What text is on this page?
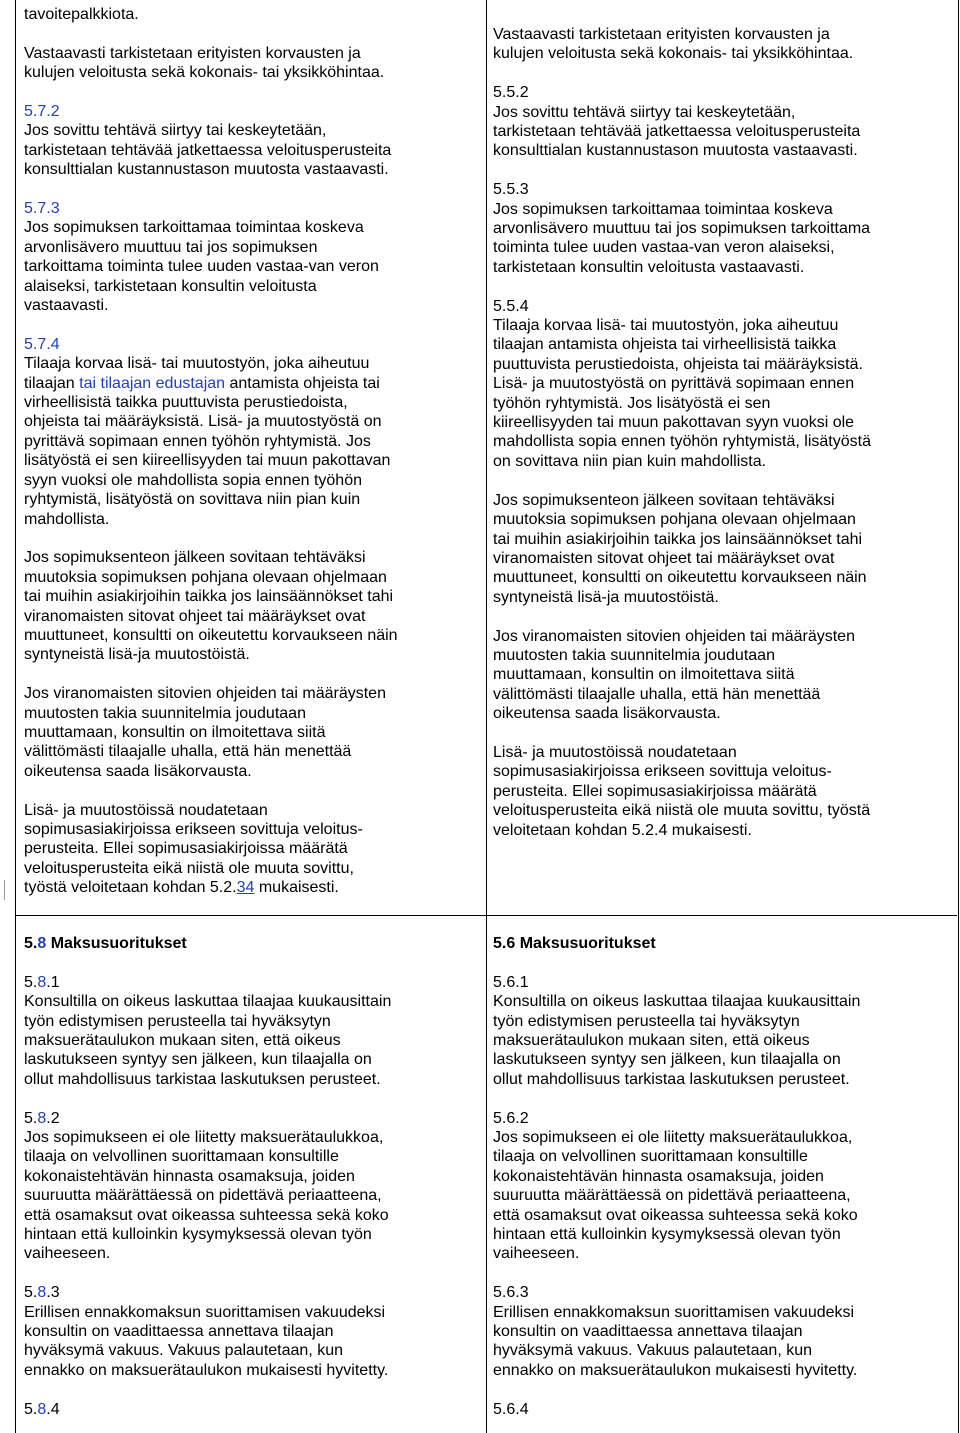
tavoitepalkkiota.

Vastaavasti tarkistetaan erityisten korvausten ja
kulujen veloitusta sekä kokonais- tai yksikköhintaa.

5.7.2

Jos sovittu tehtävä siirtyy tai keskeytetään,
tarkistetaan tehtävää jatkettaessa veloitusperusteita
konsulttialan kustannustason muutosta vastaavasti.

5.7.3

Jos sopimuksen tarkoittamaa toimintaa koskeva
arvonlisävero muuttuu tai jos sopimuksen
tarkoittama toiminta tulee uuden vastaa-van veron
alaiseksi, tarkistetaan konsultin veloitusta
vastaavasti.

5.7.4

Tilaaja korvaa lisä- tai muutostyön, joka aiheutuu
tilaajan tai tilaajan edustajan antamista ohjeista tai
virheellisistä taikka puuttuvista perustiedoista,
ohjeista tai määräyksistä. Lisä- ja muutostyöstä on
pyrittävä sopimaan ennen työhön ryhtymistä. Jos
lisätyöstä ei sen kiireellisyyden tai muun pakottavan
syyn vuoksi ole mahdollista sopia ennen työhön
ryhtymistä, lisätyöstä on sovittava niin pian kuin
mahdollista.

Jos sopimuksenteon jälkeen sovitaan tehtäväksi
muutoksia sopimuksen pohjana olevaan ohjelmaan
tai muihin asiakirjoihin taikka jos lainsäännökset tahi
viranomaisten sitovat ohjeet tai määräykset ovat
muuttuneet, konsultti on oikeutettu korvaukseen näin
syntyneistä lisä-ja muutostöistä.

Jos viranomaisten sitovien ohjeiden tai määräysten
muutosten takia suunnitelmia joudutaan
muuttamaan, konsultin on ilmoitettava siitä
välittömästi tilaajalle uhalla, että hän menettää
oikeutensa saada lisäkorvausta.

Lisä- ja muutostöissä noudatetaan
sopimusasiakirjoissa erikseen sovittuja veloitus-
perusteita. Ellei sopimusasiakirjoissa määrätä
veloitusperusteita eikä niistä ole muuta sovittu,
työstä veloitetaan kohdan 5.2.34 mukaisesti.

Vastaavasti tarkistetaan erityisten korvausten ja
kulujen veloitusta sekä kokonais- tai yksikköhintaa.

5.5.2

Jos sovittu tehtävä siirtyy tai keskeytetään,
tarkistetaan tehtävää jatkettaessa veloitusperusteita
konsulttialan kustannustason muutosta vastaavasti.

5.5.3

Jos sopimuksen tarkoittamaa toimintaa koskeva
arvonlisävero muuttuu tai jos sopimuksen tarkoittama
toiminta tulee uuden vastaa-van veron alaiseksi,
tarkistetaan konsultin veloitusta vastaavasti.

5.5.4

Tilaaja korvaa lisä- tai muutostyön, joka aiheutuu
tilaajan antamista ohjeista tai virheellisistä taikka
puuttuvista perustiedoista, ohjeista tai määräyksistä.
Lisä- ja muutostyöstä on pyrittävä sopimaan ennen
työhön ryhtymistä. Jos lisätyöstä ei sen
kiireellisyyden tai muun pakottavan syyn vuoksi ole
mahdollista sopia ennen työhön ryhtymistä, lisätyöstä
on sovittava niin pian kuin mahdollista.

Jos sopimuksenteon jälkeen sovitaan tehtäväksi
muutoksia sopimuksen pohjana olevaan ohjelmaan
tai muihin asiakirjoihin taikka jos lainsäännökset tahi
viranomaisten sitovat ohjeet tai määräykset ovat
muuttuneet, konsultti on oikeutettu korvaukseen näin
syntyneistä lisä-ja muutostöistä.

Jos viranomaisten sitovien ohjeiden tai määräysten
muutosten takia suunnitelmia joudutaan
muuttamaan, konsultin on ilmoitettava siitä
välittömästi tilaajalle uhalla, että hän menettää
oikeutensa saada lisäkorvausta.

Lisä- ja muutostöissä noudatetaan
sopimusasiakirjoissa erikseen sovittuja veloitus-
perusteita. Ellei sopimusasiakirjoissa määrätä
veloitusperusteita eikä niistä ole muuta sovittu, työstä
veloitetaan kohdan 5.2.4 mukaisesti.

5.8 Maksusuoritukset

5.8.1

Konsultilla on oikeus laskuttaa tilaajaa kuukausittain
työn edistymisen perusteella tai hyväksytyn
maksuerätaulukon mukaan siten, että oikeus
laskutukseen syntyy sen jälkeen, kun tilaajalla on
ollut mahdollisuus tarkistaa laskutuksen perusteet.

5.8.2

Jos sopimukseen ei ole liitetty maksuerätaulukkoa,
tilaaja on velvollinen suorittamaan konsultille
kokonaistehtävän hinnasta osamaksuja, joiden
suuruutta määrättäessä on pidettävä periaatteena,
että osamaksut ovat oikeassa suhteessa sekä koko
hintaan että kulloinkin kysymyksessä olevan työn
vaiheeseen.

5.8.3

Erillisen ennakkomaksun suorittamisen vakuudeksi
konsultin on vaadittaessa annettava tilaajan
hyväksymä vakuus. Vakuus palautetaan, kun
ennakko on maksuerätaulukon mukaisesti hyvitetty.

5.8.4

5.6 Maksusuoritukset

5.6.1

Konsultilla on oikeus laskuttaa tilaajaa kuukausittain
työn edistymisen perusteella tai hyväksytyn
maksuerätaulukon mukaan siten, että oikeus
laskutukseen syntyy sen jälkeen, kun tilaajalla on
ollut mahdollisuus tarkistaa laskutuksen perusteet.

5.6.2

Jos sopimukseen ei ole liitetty maksuerätaulukkoa,
tilaaja on velvollinen suorittamaan konsultille
kokonaistehtävän hinnasta osamaksuja, joiden
suuruutta määrättäessä on pidettävä periaatteena,
että osamaksut ovat oikeassa suhteessa sekä koko
hintaan että kulloinkin kysymyksessä olevan työn
vaiheeseen.

5.6.3

Erillisen ennakkomaksun suorittamisen vakuudeksi
konsultin on vaadittaessa annettava tilaajan
hyväksymä vakuus. Vakuus palautetaan, kun
ennakko on maksuerätaulukon mukaisesti hyvitetty.

5.6.4
